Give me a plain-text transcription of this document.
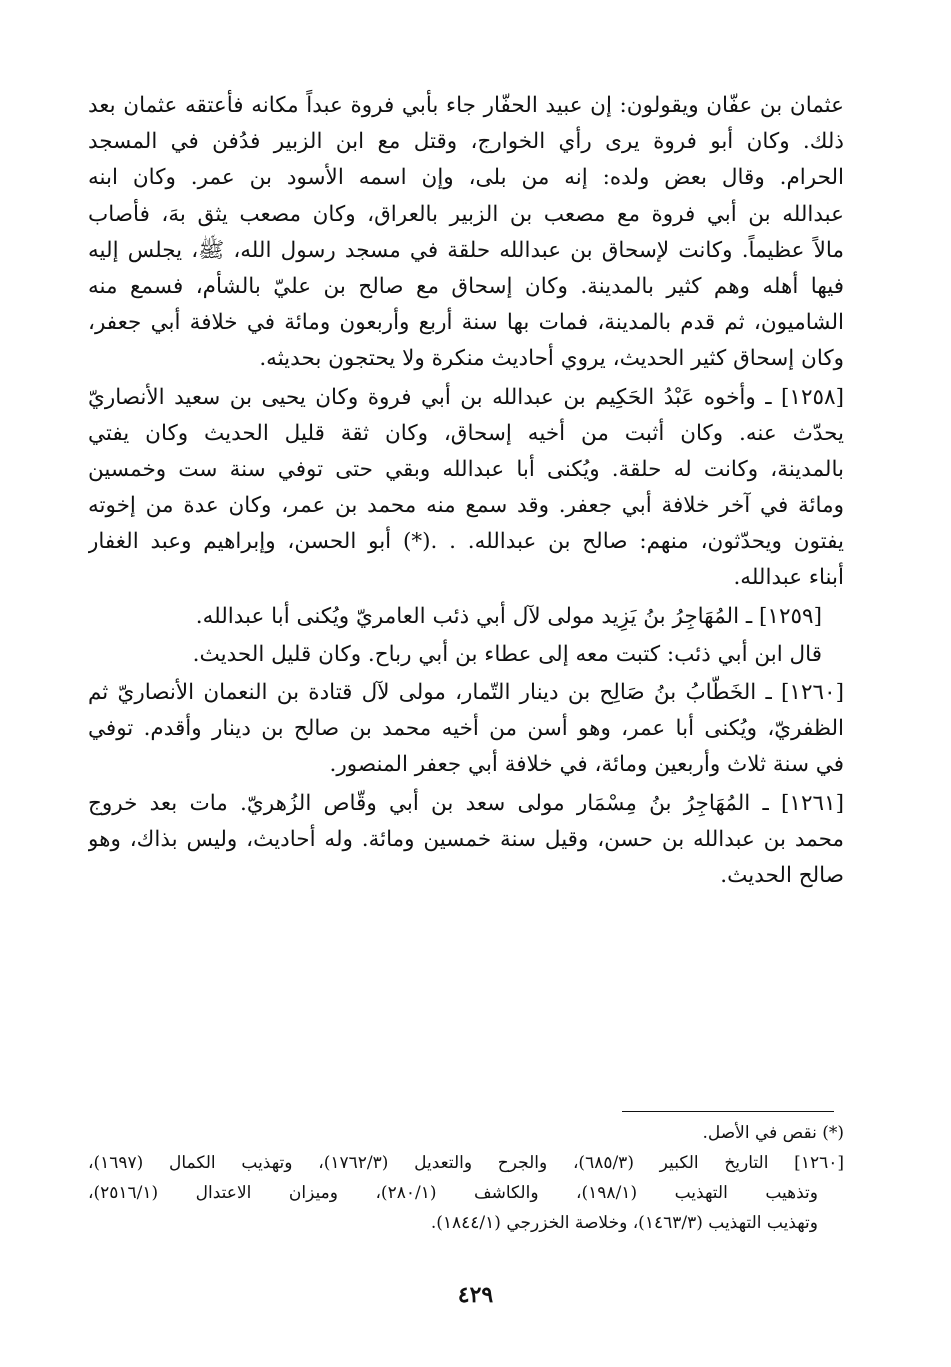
عثمان بن عفّان ويقولون: إن عبيد الحفّار جاء بأبي فروة عبداً مكانه فأعتقه عثمان بعد
ذلك. وكان أبو فروة يرى رأي الخوارج، وقتل مع ابن الزبير فدُفن في المسجد
الحرام. وقال بعض ولده: إنه من بلى، وإن اسمه الأسود بن عمر. وكان ابنه
عبدالله بن أبي فروة مع مصعب بن الزبير بالعراق، وكان مصعب يثق بهَ، فأصاب
مالاً عظيماً. وكانت لإسحاق بن عبدالله حلقة في مسجد رسول الله، ﷺ، يجلس إليه
فيها أهله وهم كثير بالمدينة. وكان إسحاق مع صالح بن عليّ بالشأم، فسمع منه
الشاميون، ثم قدم بالمدينة، فمات بها سنة أربع وأربعون ومائة في خلافة أبي جعفر،
وكان إسحاق كثير الحديث، يروي أحاديث منكرة ولا يحتجون بحديثه.
[١٢٥٨] ـ وأخوه عَبْدُ الحَكِيم بن عبدالله بن أبي فروة وكان يحيى بن سعيد الأنصاريّ
يحدّث عنه. وكان أثبت من أخيه إسحاق، وكان ثقة قليل الحديث وكان يفتي
بالمدينة، وكانت له حلقة. ويُكنى أبا عبدالله وبقي حتى توفي سنة ست وخمسين
ومائة في آخر خلافة أبي جعفر. وقد سمع منه محمد بن عمر، وكان عدة من إخوته
يفتون ويحدّثون، منهم: صالح بن عبدالله. . .(*) أبو الحسن، وإبراهيم وعبد الغفار
أبناء عبدالله.
[١٢٥٩] ـ المُهَاجِرُ بنُ يَزِيد مولى لآل أبي ذئب العامريّ ويُكنى أبا عبدالله.
قال ابن أبي ذئب: كتبت معه إلى عطاء بن أبي رباح. وكان قليل الحديث.
[١٢٦٠] ـ الخَطّابُ بنُ صَالِح بن دينار التّمار، مولى لآل قتادة بن النعمان الأنصاريّ ثم
الظفريّ، ويُكنى أبا عمر، وهو أسن من أخيه محمد بن صالح بن دينار وأقدم. توفي
في سنة ثلاث وأربعين ومائة، في خلافة أبي جعفر المنصور.
[١٢٦١] ـ المُهَاجِرُ بنُ مِسْمَار مولى سعد بن أبي وقّاص الزُهريّ. مات بعد خروج
محمد بن عبدالله بن حسن، وقيل سنة خمسين ومائة. وله أحاديث، وليس بذاك، وهو
صالح الحديث.
(*) نقص في الأصل.
[١٢٦٠] التاريخ الكبير (٦٨٥/٣)، والجرح والتعديل (١٧٦٢/٣)، وتهذيب الكمال (١٦٩٧)،
وتذهيب التهذيب (١٩٨/١)، والكاشف (٢٨٠/١)، وميزان الاعتدال (٢٥١٦/١)،
وتهذيب التهذيب (١٤٦٣/٣)، وخلاصة الخزرجي (١٨٤٤/١).
٤٢٩
